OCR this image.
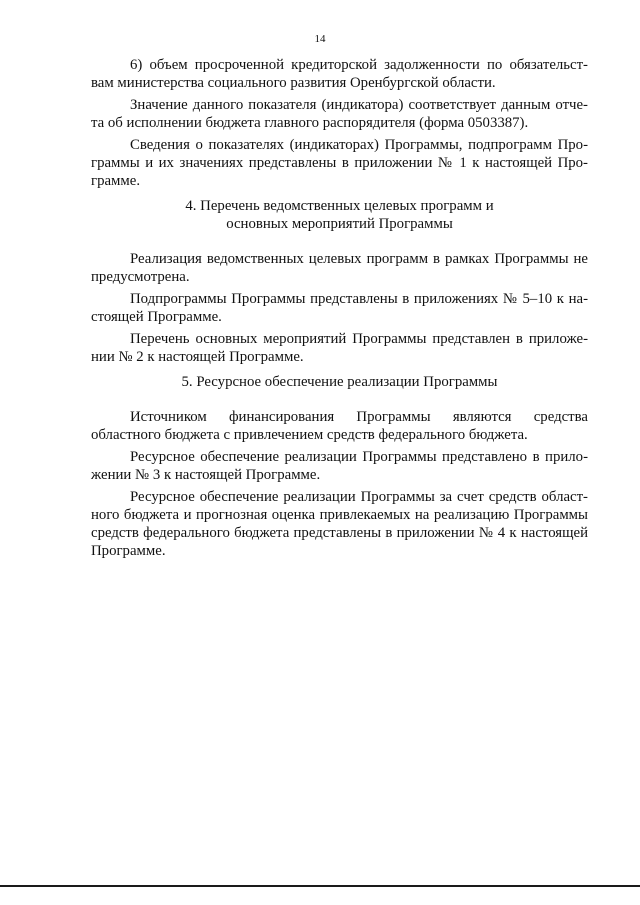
14
6) объем просроченной кредиторской задолженности по обязательст-
вам министерства социального развития Оренбургской области.
Значение данного показателя (индикатора) соответствует данным отче-
та об исполнении бюджета главного распорядителя (форма 0503387).
Сведения о показателях (индикаторах) Программы, подпрограмм Про-
граммы и их значениях представлены в приложении № 1 к настоящей Про-
грамме.
4. Перечень ведомственных целевых программ и
основных мероприятий Программы
Реализация ведомственных целевых программ в рамках Программы не
предусмотрена.
Подпрограммы Программы представлены в приложениях № 5–10 к на-
стоящей Программе.
Перечень основных мероприятий Программы представлен в приложе-
нии № 2 к настоящей Программе.
5. Ресурсное обеспечение реализации Программы
Источником финансирования Программы являются средства
областного бюджета с привлечением средств федерального бюджета.
Ресурсное обеспечение реализации Программы представлено в прило-
жении № 3 к настоящей Программе.
Ресурсное обеспечение реализации Программы за счет средств област-
ного бюджета и прогнозная оценка привлекаемых на реализацию Программы
средств федерального бюджета представлены в приложении № 4 к настоящей
Программе.
